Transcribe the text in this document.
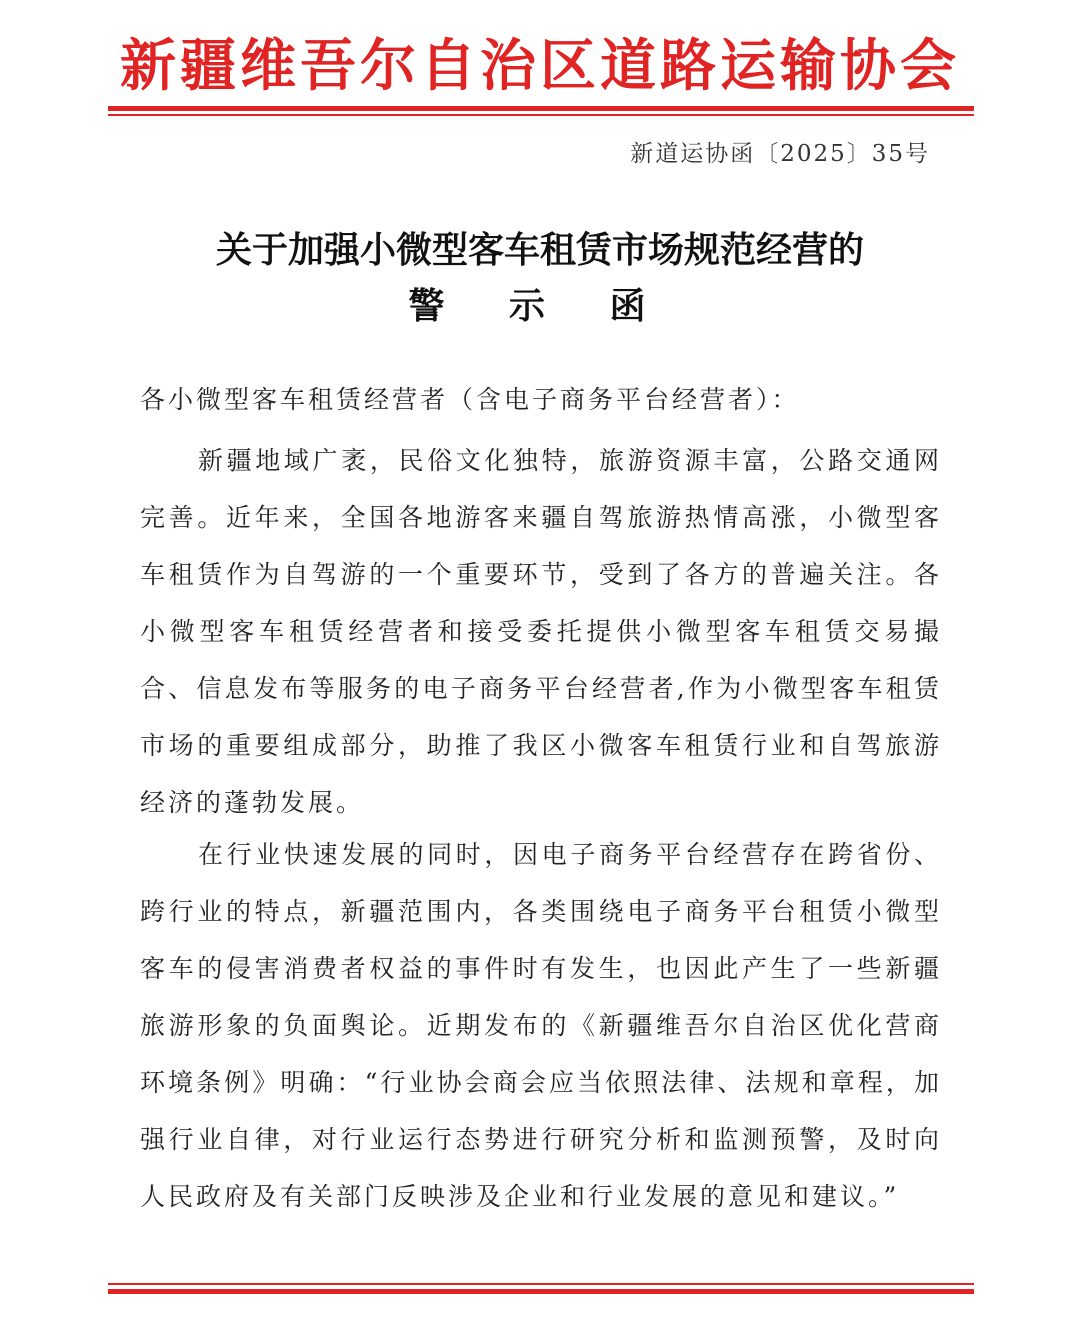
新疆维吾尔自治区道路运输协会
新道运协函〔2025〕35号
关于加强小微型客车租赁市场规范经营的
警 示 函
各小微型客车租赁经营者（含电子商务平台经营者）：

新疆地域广袤，民俗文化独特，旅游资源丰富，公路交通网完善。近年来，全国各地游客来疆自驾旅游热情高涨，小微型客车租赁作为自驾游的一个重要环节，受到了各方的普遍关注。各小微型客车租赁经营者和接受委托提供小微型客车租赁交易撮合、信息发布等服务的电子商务平台经营者,作为小微型客车租赁市场的重要组成部分，助推了我区小微客车租赁行业和自驾旅游经济的蓬勃发展。

在行业快速发展的同时，因电子商务平台经营存在跨省份、跨行业的特点，新疆范围内，各类围绕电子商务平台租赁小微型客车的侵害消费者权益的事件时有发生，也因此产生了一些新疆旅游形象的负面舆论。近期发布的《新疆维吾尔自治区优化营商环境条例》明确：“行业协会商会应当依照法律、法规和章程，加强行业自律，对行业运行态势进行研究分析和监测预警，及时向人民政府及有关部门反映涉及企业和行业发展的意见和建议。”
